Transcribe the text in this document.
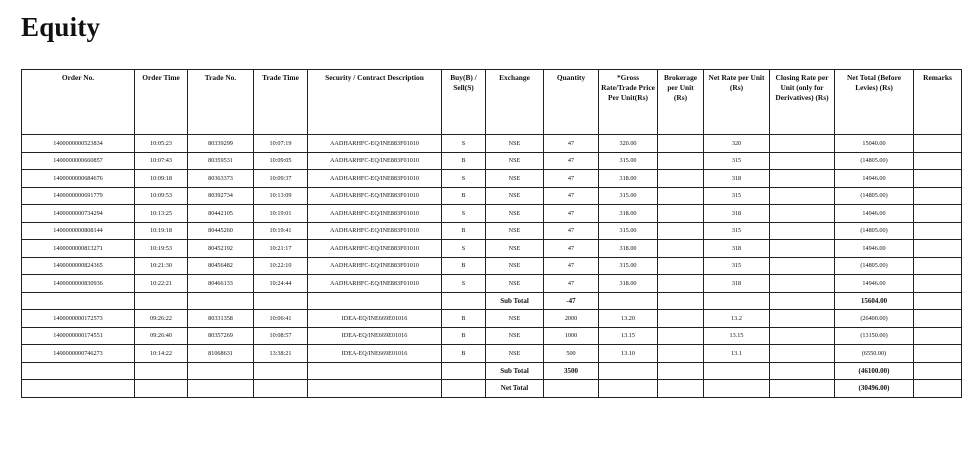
Equity
Order No.	Order Time	Trade No.	Trade Time	Security / Contract Description	Buy(B) / Sell(S)	Exchange	Quantity	*Gross Rate/Trade Price Per Unit(Rs)	Brokerage per Unit (Rs)	Net Rate per Unit (Rs)	Closing Rate per Unit (only for Derivatives) (Rs)	Net Total (Before Levies) (Rs)	Remarks
1400000000523834	10:05:23	80339299	10:07:19	AADHARHFC-EQ/INE883F01010	S	NSE	47	320.00		320		15040.00	
1400000000660857	10:07:43	80359531	10:09:05	AADHARHFC-EQ/INE883F01010	B	NSE	47	315.00		315		(14805.00)	
1400000000684676	10:09:18	80363373	10:09:37	AADHARHFC-EQ/INE883F01010	S	NSE	47	318.00		318		14946.00	
1400000000691779	10:09:53	80392734	10:13:09	AADHARHFC-EQ/INE883F01010	B	NSE	47	315.00		315		(14805.00)	
1400000000734294	10:13:25	80442105	10:19:01	AADHARHFC-EQ/INE883F01010	S	NSE	47	318.00		318		14946.00	
1400000000808144	10:19:18	80445260	10:19:41	AADHARHFC-EQ/INE883F01010	B	NSE	47	315.00		315		(14805.00)	
1400000000813271	10:19:53	80452192	10:21:17	AADHARHFC-EQ/INE883F01010	S	NSE	47	318.00		318		14946.00	
1400000000824365	10:21:30	80456482	10:22:10	AADHARHFC-EQ/INE883F01010	B	NSE	47	315.00		315		(14805.00)	
1400000000830936	10:22:21	80466133	10:24:44	AADHARHFC-EQ/INE883F01010	S	NSE	47	318.00		318		14946.00	
						Sub Total	-47					15604.00	
1400000000172573	09:26:22	80331358	10:06:41	IDEA-EQ/INE669E01016	B	NSE	2000	13.20		13.2		(26400.00)	
1400000000174551	09:26:40	80357269	10:08:57	IDEA-EQ/INE669E01016	B	NSE	1000	13.15		13.15		(13150.00)	
1400000000746273	10:14:22	81068631	13:38:21	IDEA-EQ/INE669E01016	B	NSE	500	13.10		13.1		(6550.00)	
						Sub Total	3500					(46100.00)	
						Net Total						(30496.00)	
